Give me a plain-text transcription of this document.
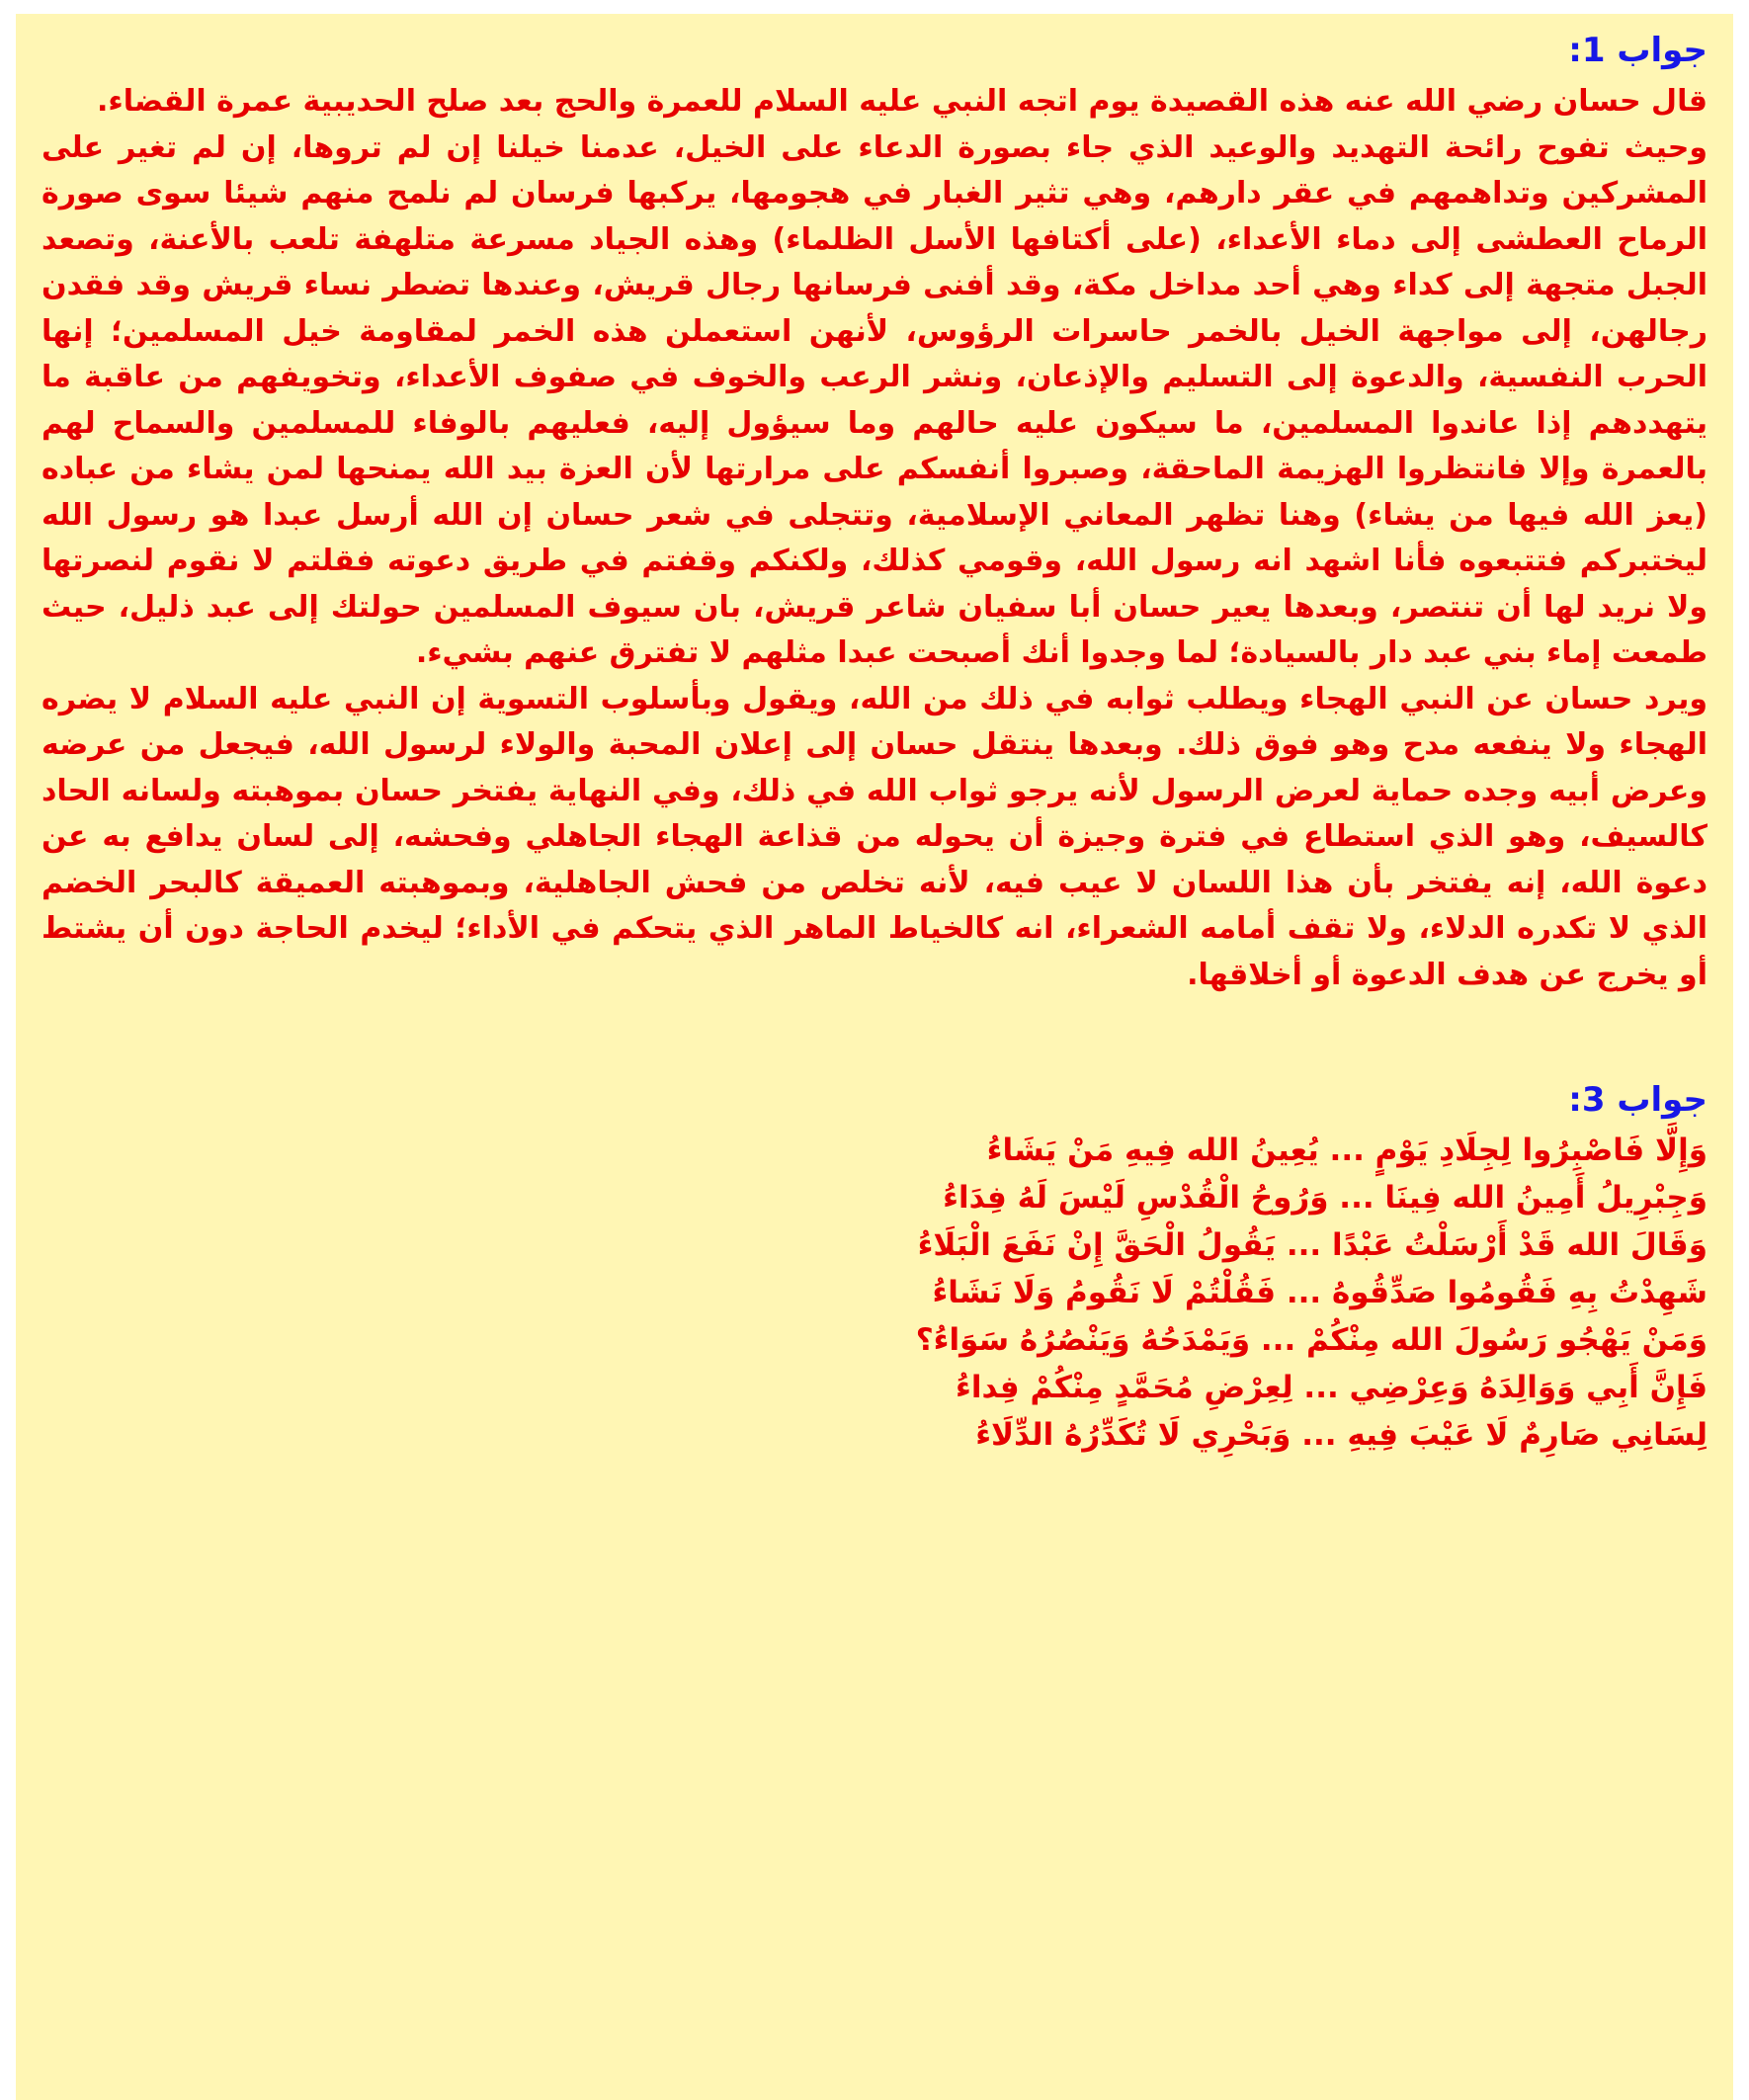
جواب 1:

قال حسان رضي الله عنه هذه القصيدة يوم اتجه النبي عليه السلام للعمرة والحج بعد صلح الحديبية عمرة القضاء.

وحيث تفوح رائحة التهديد والوعيد الذي جاء بصورة الدعاء على الخيل، عدمنا خيلنا إن لم تروها، إن لم تغير على المشركين وتداهمهم في عقر دارهم، وهي تثير الغبار في هجومها، يركبها فرسان لم نلمح منهم شيئا سوى صورة الرماح العطشى إلى دماء الأعداء، (على أكتافها الأسل الظلماء) وهذه الجياد مسرعة متلهفة تلعب بالأعنة، وتصعد الجبل متجهة إلى كداء وهي أحد مداخل مكة، وقد أفنى فرسانها رجال قريش، وعندها تضطر نساء قريش وقد فقدن رجالهن، إلى مواجهة الخيل بالخمر حاسرات الرؤوس، لأنهن استعملن هذه الخمر لمقاومة خيل المسلمين؛ إنها الحرب النفسية، والدعوة إلى التسليم والإذعان، ونشر الرعب والخوف في صفوف الأعداء، وتخويفهم من عاقبة ما يتهددهم إذا عاندوا المسلمين، ما سيكون عليه حالهم وما سيؤول إليه، فعليهم بالوفاء للمسلمين والسماح لهم بالعمرة وإلا فانتظروا الهزيمة الماحقة، وصبروا أنفسكم على مرارتها لأن العزة بيد الله يمنحها لمن يشاء من عباده (يعز الله فيها من يشاء) وهنا تظهر المعاني الإسلامية، وتتجلى في شعر حسان إن الله أرسل عبدا هو رسول الله ليختبركم فتتبعوه فأنا اشهد انه رسول الله، وقومي كذلك، ولكنكم وقفتم في طريق دعوته فقلتم لا نقوم لنصرتها ولا نريد لها أن تنتصر، وبعدها يعير حسان أبا سفيان شاعر قريش، بان سيوف المسلمين حولتك إلى عبد ذليل، حيث طمعت إماء بني عبد دار بالسيادة؛ لما وجدوا أنك أصبحت عبدا مثلهم لا تفترق عنهم بشيء.

ويرد حسان عن النبي الهجاء ويطلب ثوابه في ذلك من الله، ويقول وبأسلوب التسوية إن النبي عليه السلام لا يضره الهجاء ولا ينفعه مدح وهو فوق ذلك. وبعدها ينتقل حسان إلى إعلان المحبة والولاء لرسول الله، فيجعل من عرضه وعرض أبيه وجده حماية لعرض الرسول لأنه يرجو ثواب الله في ذلك، وفي النهاية يفتخر حسان بموهبته ولسانه الحاد كالسيف، وهو الذي استطاع في فترة وجيزة أن يحوله من قذاعة الهجاء الجاهلي وفحشه، إلى لسان يدافع به عن دعوة الله، إنه يفتخر بأن هذا اللسان لا عيب فيه، لأنه تخلص من فحش الجاهلية، وبموهبته العميقة كالبحر الخضم الذي لا تكدره الدلاء، ولا تقف أمامه الشعراء، انه كالخياط الماهر الذي يتحكم في الأداء؛ ليخدم الحاجة دون أن يشتط أو يخرج عن هدف الدعوة أو أخلاقها.

جواب 3:
وَإِلَّا فَاصْبِرُوا لِجِلَادِ يَوْمٍ ... يُعِينُ الله فِيهِ مَنْ يَشَاءُ
وَجِبْرِيلُ أَمِينُ الله فِينَا ... وَرُوحُ الْقُدْسِ لَيْسَ لَهُ فِدَاءُ
وَقَالَ الله قَدْ أَرْسَلْتُ عَبْدًا ... يَقُولُ الْحَقَّ إِنْ نَفَعَ الْبَلَاءُ
شَهِدْتُ بِهِ فَقُومُوا صَدِّقُوهُ ... فَقُلْتُمْ لَا نَقُومُ وَلَا نَشَاءُ
وَمَنْ يَهْجُو رَسُولَ الله مِنْكُمْ ... وَيَمْدَحُهُ وَيَنْصُرُهُ سَوَاءُ؟
فَإِنَّ أَبِي وَوَالِدَهُ وَعِرْضِي ... لِعِرْضِ مُحَمَّدٍ مِنْكُمْ فِداءُ
لِسَانِي صَارِمٌ لَا عَيْبَ فِيهِ ... وَبَحْرِي لَا تُكَدِّرُهُ الدِّلَاءُ
